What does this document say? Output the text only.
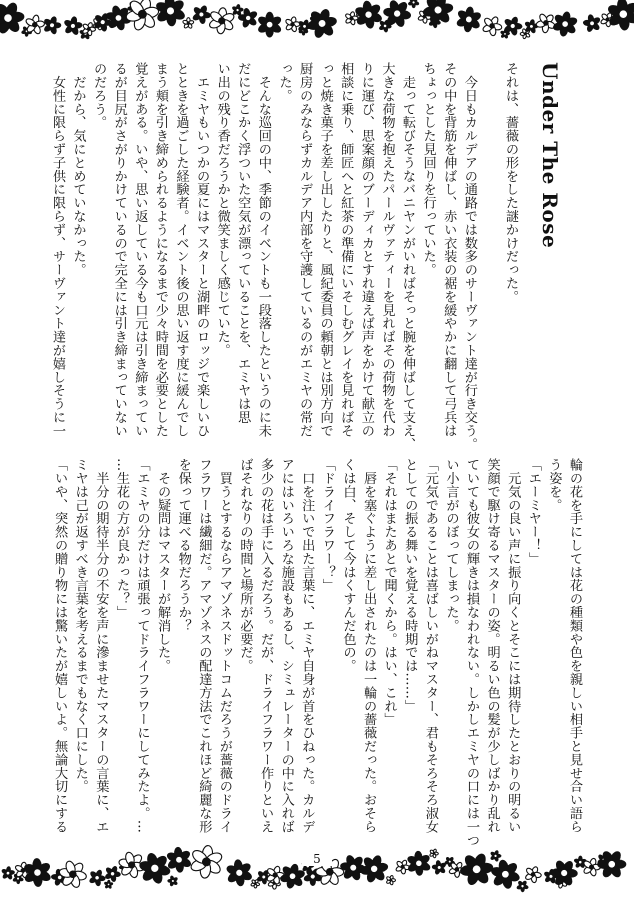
Under The Rose

それは、薔薇の形をした謎かけだった。

　今日もカルデアの通路では数多のサーヴァント達が行き交う。

その中を背筋を伸ばし、赤い衣装の裾を緩やかに翻して弓兵は

ちょっとした見回りを行っていた。

　走って転びそうなバニヤンがいればそっと腕を伸ばして支え、

大きな荷物を抱えたパールヴァティーを見ればその荷物を代わ

りに運び、思案顔のブーディカとすれ違えば声をかけて献立の

相談に乗り、師匠へと紅茶の準備にいそしむグレイを見ればそ

っと焼き菓子を差し出したりと、風紀委員の頼朝とは別方向で

厨房のみならずカルデア内部を守護しているのがエミヤの常だ

った。

　そんな巡回の中、季節のイベントも一段落したというのに未

だにどこかく浮ついた空気が漂っていることを、エミヤは思

い出の残り香だろうかと微笑ましく感じていた。

　エミヤもいつかの夏にはマスターと湖畔のロッジで楽しいひ

とときを過ごした経験者。イベント後の思い返す度に緩んでし

まう頬を引き締められるようになるまで少々時間を必要とした

覚えがある。いや、思い返している今も口元は引き締まってい

るが目尻がさがりかけているので完全には引き締まっていない

のだろう。

　だから、気にとめていなかった。

　女性に限らず子供に限らず、サーヴァント達が嬉しそうに一

輪の花を手にしては花の種類や色を親しい相手と見せ合い語ら

う姿を。

「エーミヤー！」

　元気の良い声に振り向くとそこには期待したとおりの明るい

笑顔で駆け寄るマスターの姿。明るい色の髪が少しばかり乱れ

ていても彼女の輝きは損なわれない。しかしエミヤの口には一つ

い小言がのぼってしまった。

「元気であることは喜ばしいがねマスター、君もそろそろ淑女

としての振る舞いを覚える時期では……」

「それはまたあとで聞くから。はい、これ」

　唇を塞ぐように差し出されたのは一輪の薔薇だった。おそら

くは白、そして今はくすんだ色の。

「ドライフラワー？」

　口を注いで出た言葉に、エミヤ自身が首をひねった。カルデ

アにはいろいろな施設もあるし、シミュレーターの中に入れば

多少の花は手に入るだろう。だが、ドライフラワー作りといえ

ばそれなりの時間と場所が必要だ。

　買うとするならアマゾネスドットコムだろうが薔薇のドライ

フラワーは繊細だ。アマゾネスの配達方法でこれほど綺麗な形

を保って運べる物だろうか？

　その疑問はマスターが解消した。

「エミヤの分だけは頑張ってドライフラワーにしてみたよ。…

…生花の方が良かった？」

　半分の期待半分の不安を声に滲ませたマスターの言葉に、エ

ミヤは己が返すべき言葉を考えるまでもなく口にした。

「いや、突然の贈り物には驚いたが嬉しいよ。無論大切にする

5
